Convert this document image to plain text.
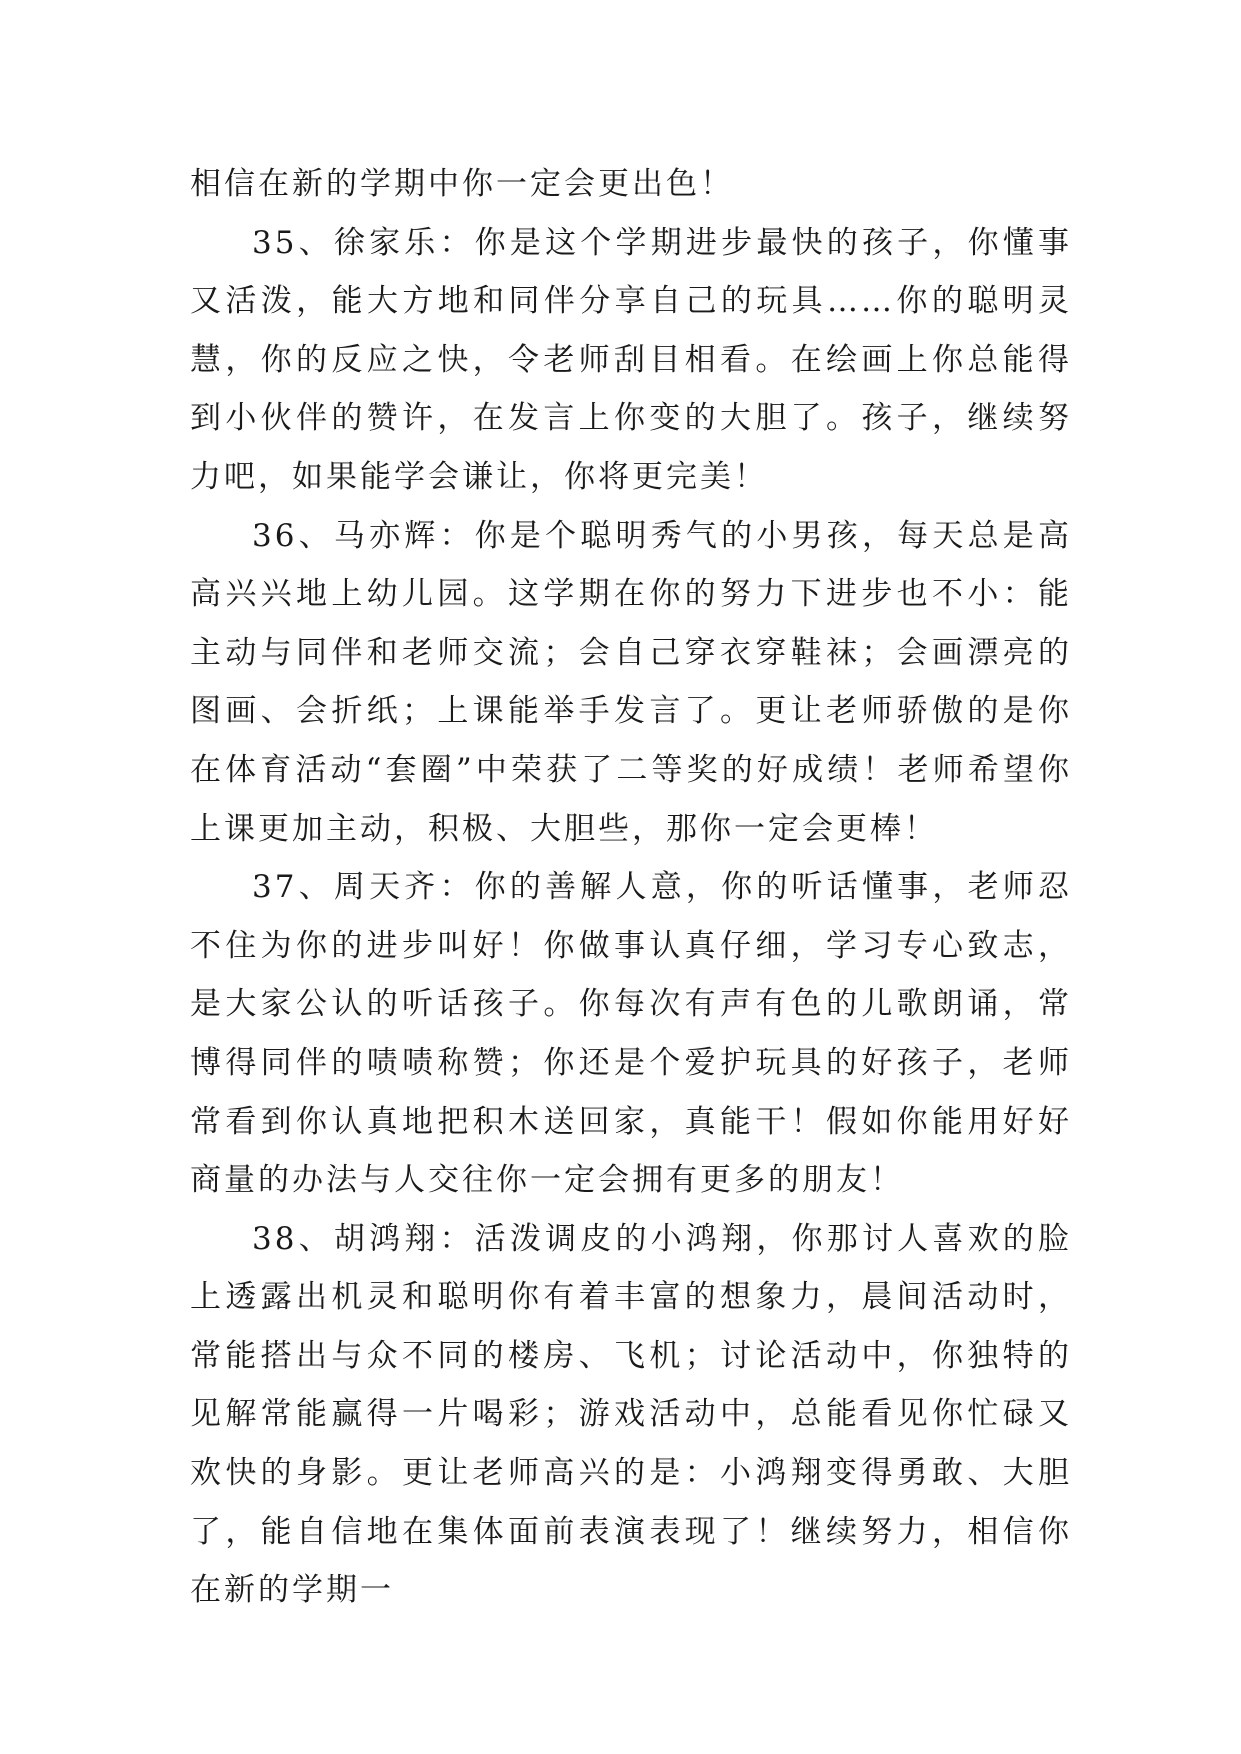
相信在新的学期中你一定会更出色！

35、徐家乐：你是这个学期进步最快的孩子，你懂事又活泼，能大方地和同伴分享自己的玩具……你的聪明灵慧，你的反应之快，令老师刮目相看。在绘画上你总能得到小伙伴的赞许，在发言上你变的大胆了。孩子，继续努力吧，如果能学会谦让，你将更完美！

36、马亦辉：你是个聪明秀气的小男孩，每天总是高高兴兴地上幼儿园。这学期在你的努力下进步也不小：能主动与同伴和老师交流；会自己穿衣穿鞋袜；会画漂亮的图画、会折纸；上课能举手发言了。更让老师骄傲的是你在体育活动“套圈”中荣获了二等奖的好成绩！老师希望你上课更加主动，积极、大胆些，那你一定会更棒！

37、周天齐：你的善解人意，你的听话懂事，老师忍不住为你的进步叫好！你做事认真仔细，学习专心致志，是大家公认的听话孩子。你每次有声有色的儿歌朗诵，常博得同伴的啧啧称赞；你还是个爱护玩具的好孩子，老师常看到你认真地把积木送回家，真能干！假如你能用好好商量的办法与人交往你一定会拥有更多的朋友！

38、胡鸿翔：活泼调皮的小鸿翔，你那讨人喜欢的脸上透露出机灵和聪明你有着丰富的想象力，晨间活动时，常能搭出与众不同的楼房、飞机；讨论活动中，你独特的见解常能赢得一片喝彩；游戏活动中，总能看见你忙碌又欢快的身影。更让老师高兴的是：小鸿翔变得勇敢、大胆了，能自信地在集体面前表演表现了！继续努力，相信你在新的学期一
